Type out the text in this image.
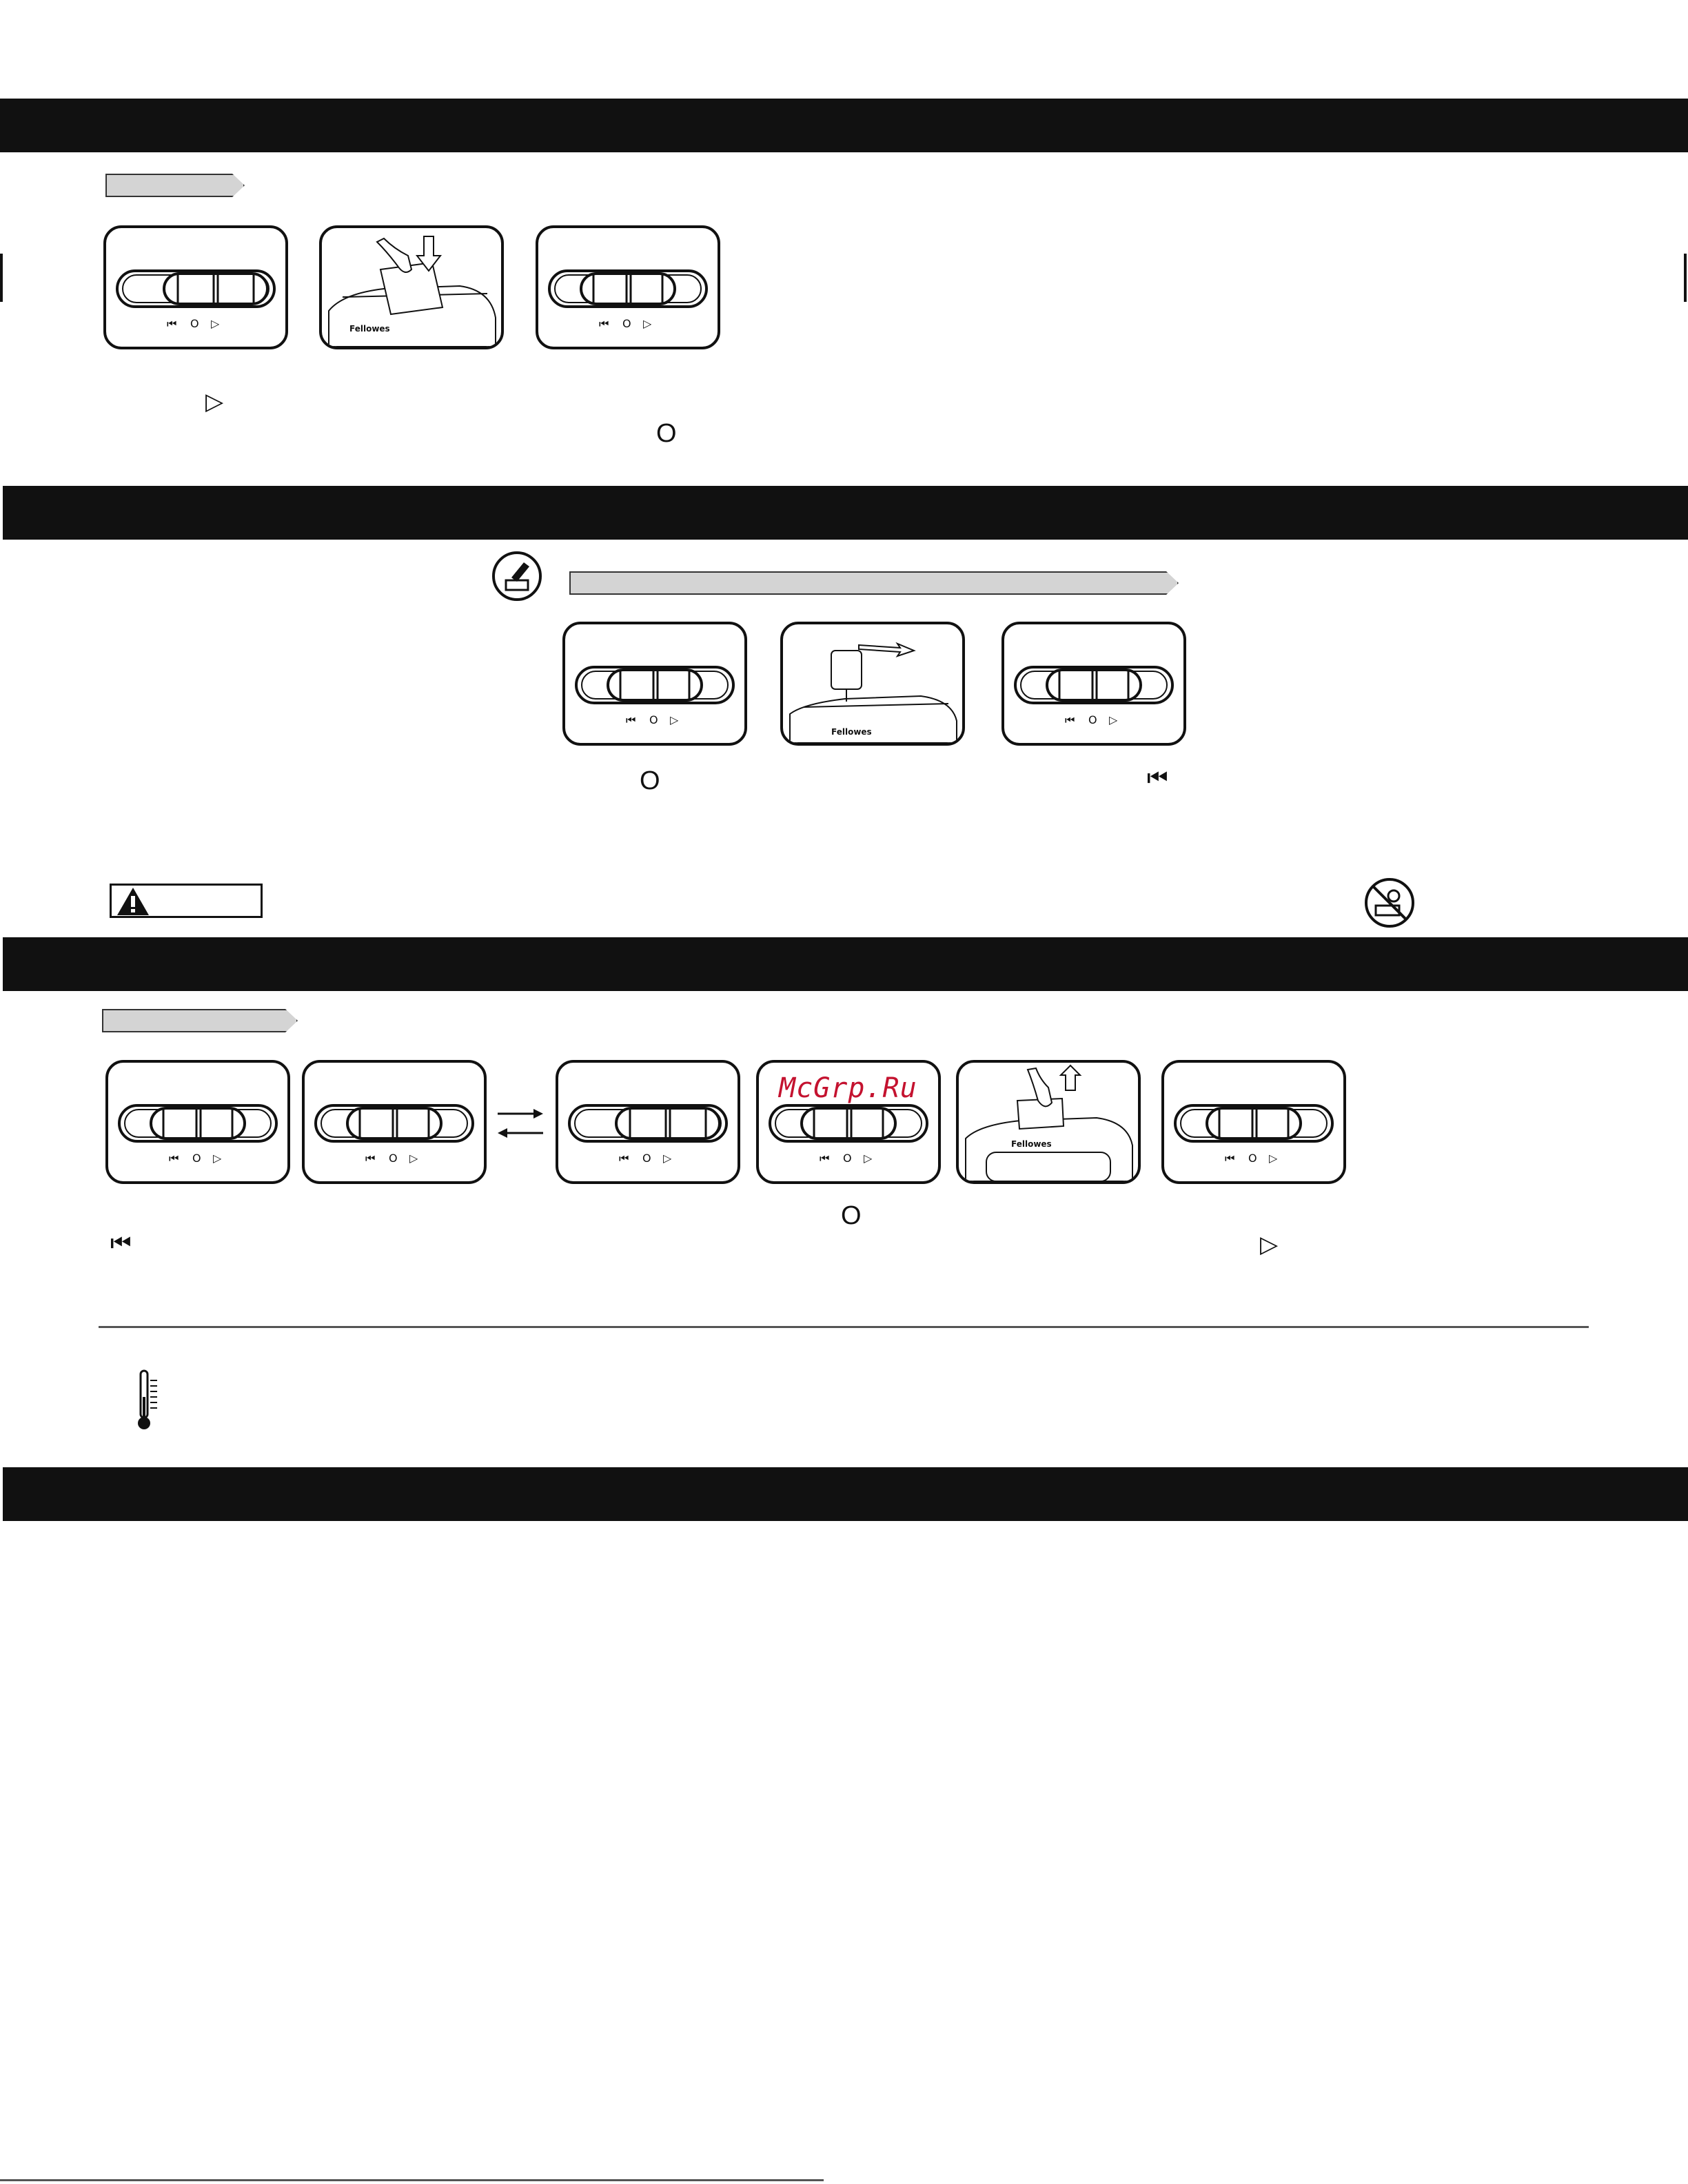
Fellowes
▷
O
Fellowes
O	⏮
McGrp.Ru
Fellowes
O
⏮	▷
